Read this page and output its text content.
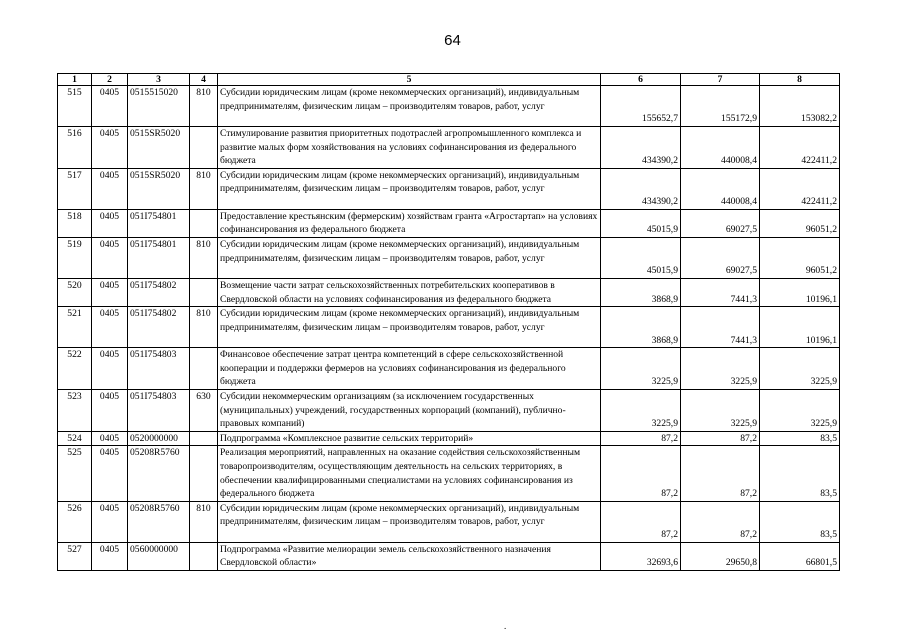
64
1	2	3	4	5	6	7	8
515	0405	0515515020	810	Субсидии юридическим лицам (кроме некоммерческих организаций), индивидуальным предпринимателям, физическим лицам – производителям товаров, работ, услуг	155652,7	155172,9	153082,2
516	0405	0515SR5020		Стимулирование развития приоритетных подотраслей агропромышленного комплекса и развитие малых форм хозяйствования на условиях софинансирования из федерального бюджета	434390,2	440008,4	422411,2
517	0405	0515SR5020	810	Субсидии юридическим лицам (кроме некоммерческих организаций), индивидуальным предпринимателям, физическим лицам – производителям товаров, работ, услуг	434390,2	440008,4	422411,2
518	0405	051I754801		Предоставление крестьянским (фермерским) хозяйствам гранта «Агростартап» на условиях софинансирования из федерального бюджета	45015,9	69027,5	96051,2
519	0405	051I754801	810	Субсидии юридическим лицам (кроме некоммерческих организаций), индивидуальным предпринимателям, физическим лицам – производителям товаров, работ, услуг	45015,9	69027,5	96051,2
520	0405	051I754802		Возмещение части затрат сельскохозяйственных потребительских кооперативов в Свердловской области на условиях софинансирования из федерального бюджета	3868,9	7441,3	10196,1
521	0405	051I754802	810	Субсидии юридическим лицам (кроме некоммерческих организаций), индивидуальным предпринимателям, физическим лицам – производителям товаров, работ, услуг	3868,9	7441,3	10196,1
522	0405	051I754803		Финансовое обеспечение затрат центра компетенций в сфере сельскохозяйственной кооперации и поддержки фермеров на условиях софинансирования из федерального бюджета	3225,9	3225,9	3225,9
523	0405	051I754803	630	Субсидии некоммерческим организациям (за исключением государственных (муниципальных) учреждений, государственных корпораций (компаний), публично-правовых компаний)	3225,9	3225,9	3225,9
524	0405	0520000000		Подпрограмма «Комплексное развитие сельских территорий»	87,2	87,2	83,5
525	0405	05208R5760		Реализация мероприятий, направленных на оказание содействия сельскохозяйственным товаропроизводителям, осуществляющим деятельность на сельских территориях, в обеспечении квалифицированными специалистами на условиях софинансирования из федерального бюджета	87,2	87,2	83,5
526	0405	05208R5760	810	Субсидии юридическим лицам (кроме некоммерческих организаций), индивидуальным предпринимателям, физическим лицам – производителям товаров, работ, услуг	87,2	87,2	83,5
527	0405	0560000000		Подпрограмма «Развитие мелиорации земель сельскохозяйственного назначения Свердловской области»	32693,6	29650,8	66801,5
.
